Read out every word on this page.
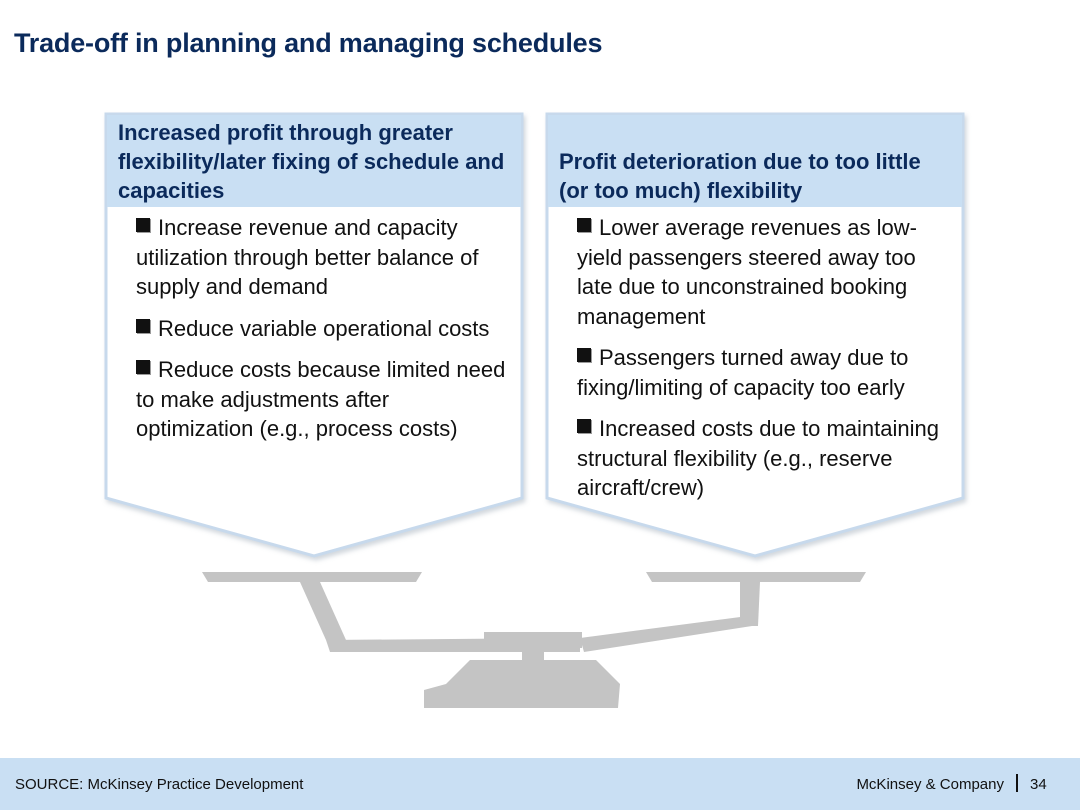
Trade-off in planning and managing schedules
Increased profit through greater flexibility/later fixing of schedule and capacities
Increase revenue and capacity utilization through better balance of supply and demand
Reduce variable operational costs
Reduce costs because limited need to make adjustments after optimization (e.g., process costs)
Profit deterioration due to too little (or too much) flexibility
Lower average revenues as low-yield passengers steered away too late due to unconstrained booking management
Passengers turned away due to fixing/limiting of capacity too early
Increased costs due to maintaining structural flexibility (e.g., reserve aircraft/crew)
SOURCE: McKinsey Practice Development	McKinsey & Company 34
